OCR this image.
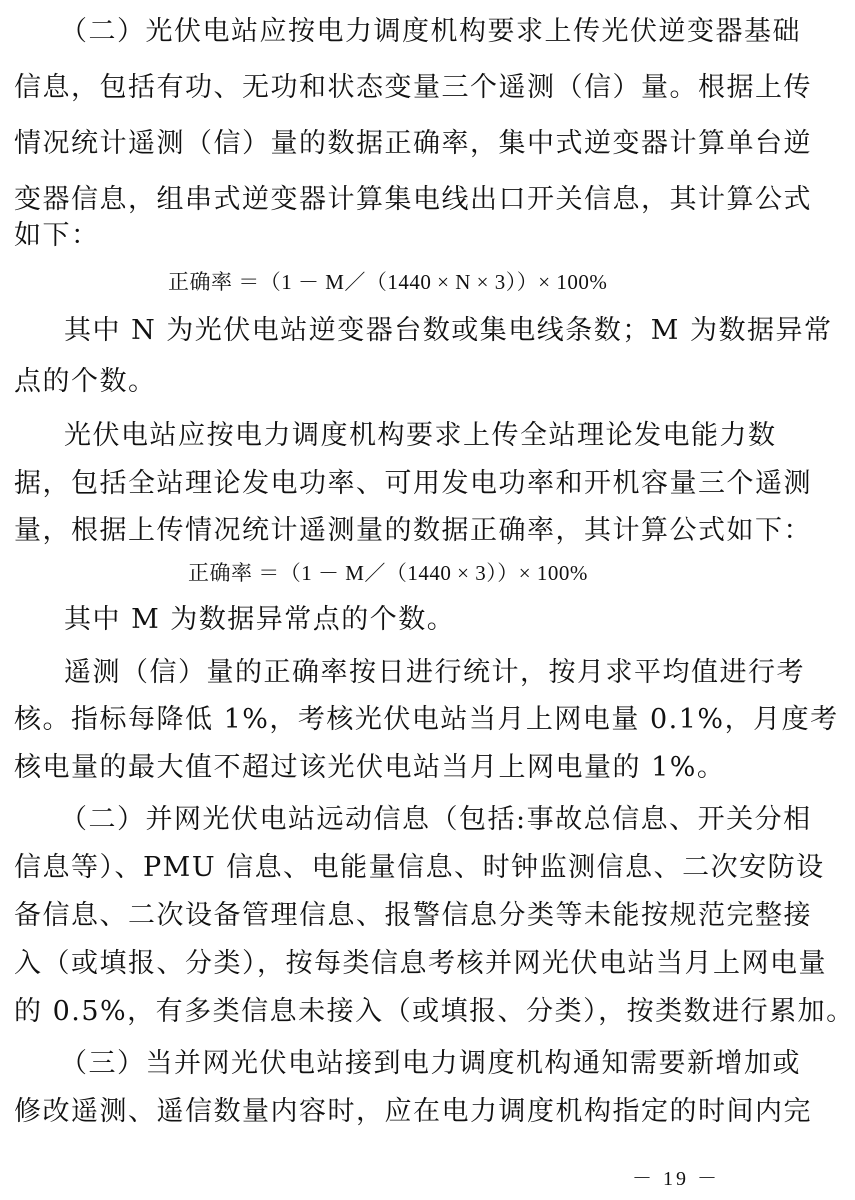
（二）光伏电站应按电力调度机构要求上传光伏逆变器基础
信息，包括有功、无功和状态变量三个遥测（信）量。根据上传
情况统计遥测（信）量的数据正确率，集中式逆变器计算单台逆
变器信息，组串式逆变器计算集电线出口开关信息，其计算公式
如下：
正确率 ＝（1 － M／（1440 × N × 3））× 100%
其中 N 为光伏电站逆变器台数或集电线条数；M 为数据异常
点的个数。
光伏电站应按电力调度机构要求上传全站理论发电能力数
据，包括全站理论发电功率、可用发电功率和开机容量三个遥测
量，根据上传情况统计遥测量的数据正确率，其计算公式如下：
正确率 ＝（1 － M／（1440 × 3））× 100%
其中 M 为数据异常点的个数。
遥测（信）量的正确率按日进行统计，按月求平均值进行考
核。指标每降低 1%，考核光伏电站当月上网电量 0.1%，月度考
核电量的最大值不超过该光伏电站当月上网电量的 1%。
（二）并网光伏电站远动信息（包括:事故总信息、开关分相
信息等）、PMU 信息、电能量信息、时钟监测信息、二次安防设
备信息、二次设备管理信息、报警信息分类等未能按规范完整接
入（或填报、分类），按每类信息考核并网光伏电站当月上网电量
的 0.5%，有多类信息未接入（或填报、分类），按类数进行累加。
（三）当并网光伏电站接到电力调度机构通知需要新增加或
修改遥测、遥信数量内容时，应在电力调度机构指定的时间内完
－ 19 －
